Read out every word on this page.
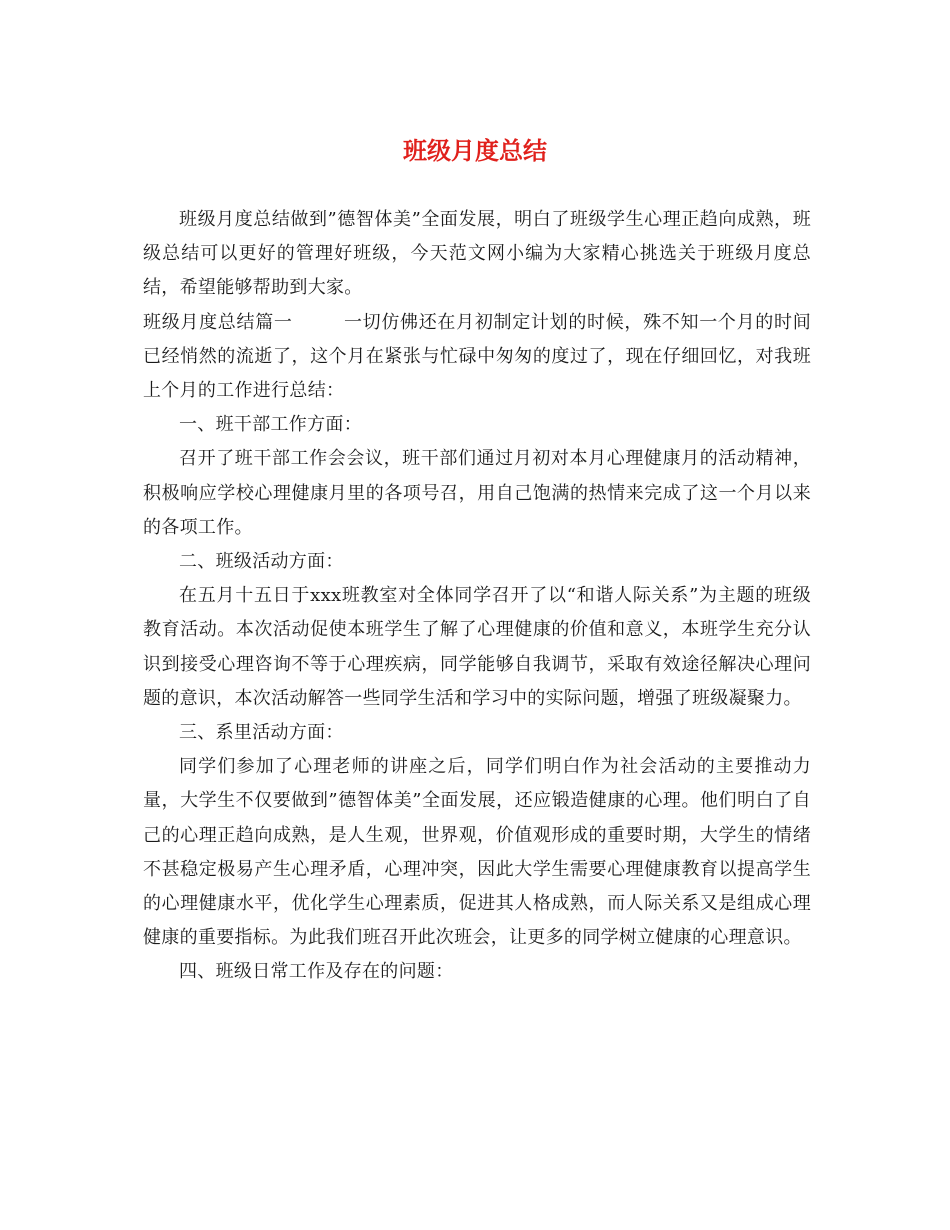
班级月度总结

班级月度总结做到”德智体美”全面发展，明白了班级学生心理正趋向成熟，班级总结可以更好的管理好班级，今天范文网小编为大家精心挑选关于班级月度总结，希望能够帮助到大家。

班级月度总结篇一        一切仿佛还在月初制定计划的时候，殊不知一个月的时间已经悄然的流逝了，这个月在紧张与忙碌中匆匆的度过了，现在仔细回忆，对我班上个月的工作进行总结：

一、班干部工作方面：

召开了班干部工作会会议，班干部们通过月初对本月心理健康月的活动精神，积极响应学校心理健康月里的各项号召，用自己饱满的热情来完成了这一个月以来的各项工作。

二、班级活动方面：

在五月十五日于xxx班教室对全体同学召开了以“和谐人际关系”为主题的班级教育活动。本次活动促使本班学生了解了心理健康的价值和意义，本班学生充分认识到接受心理咨询不等于心理疾病，同学能够自我调节，采取有效途径解决心理问题的意识，本次活动解答一些同学生活和学习中的实际问题，增强了班级凝聚力。

三、系里活动方面：

同学们参加了心理老师的讲座之后，同学们明白作为社会活动的主要推动力量，大学生不仅要做到”德智体美”全面发展，还应锻造健康的心理。他们明白了自己的心理正趋向成熟，是人生观，世界观，价值观形成的重要时期，大学生的情绪不甚稳定极易产生心理矛盾，心理冲突，因此大学生需要心理健康教育以提高学生的心理健康水平，优化学生心理素质，促进其人格成熟，而人际关系又是组成心理健康的重要指标。为此我们班召开此次班会，让更多的同学树立健康的心理意识。

四、班级日常工作及存在的问题：
